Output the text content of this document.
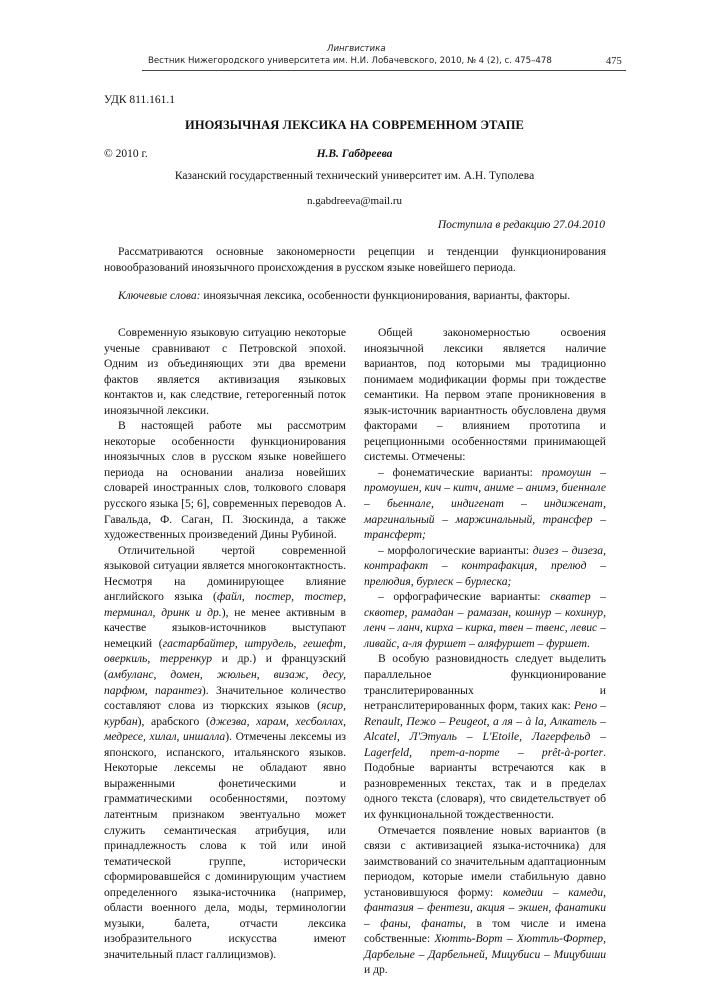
Лингвистика
Вестник Нижегородского университета им. Н.И. Лобачевского, 2010, № 4 (2), с. 475–478	475
УДК 811.161.1
ИНОЯЗЫЧНАЯ ЛЕКСИКА НА СОВРЕМЕННОМ ЭТАПЕ
© 2010 г.	Н.В. Габдреева
Казанский государственный технический университет им. А.Н. Туполева
n.gabdreeva@mail.ru
Поступила в редакцию 27.04.2010

Рассматриваются основные закономерности рецепции и тенденции функционирования новообразований иноязычного происхождения в русском языке новейшего периода.

Ключевые слова: иноязычная лексика, особенности функционирования, варианты, факторы.

Современную языковую ситуацию некоторые ученые сравнивают с Петровской эпохой. Одним из объединяющих эти два времени фактов является активизация языковых контактов и, как следствие, гетерогенный поток иноязычной лексики.

В настоящей работе мы рассмотрим некоторые особенности функционирования иноязычных слов в русском языке новейшего периода на основании анализа новейших словарей иностранных слов, толкового словаря русского языка [5; 6], современных переводов А. Гавальда, Ф. Саган, П. Зюскинда, а также художественных произведений Дины Рубиной.

Отличительной чертой современной языковой ситуации является многоконтактность. Несмотря на доминирующее влияние английского языка (файл, постер, тостер, терминал, дринк и др.), не менее активным в качестве языков-источников выступают немецкий (гастарбайтер, штрудель, гешефт, оверкиль, терренкур и др.) и французский (амбуланс, домен, жюльен, визаж, десу, парфюм, парантез). Значительное количество составляют слова из тюркских языков (ясир, курбан), арабского (джезва, харам, хесболлах, медресе, хилал, иншалла). Отмечены лексемы из японского, испанского, итальянского языков. Некоторые лексемы не обладают явно выраженными фонетическими и грамматическими особенностями, поэтому латентным признаком эвентуально может служить семантическая атрибуция, или принадлежность слова к той или иной тематической группе, исторически сформировавшейся с доминирующим участием определенного языка-источника (например, области военного дела, моды, терминологии музыки, балета, отчасти лексика изобразительного искусства имеют значительный пласт галлицизмов).

Общей закономерностью освоения иноязычной лексики является наличие вариантов, под которыми мы традиционно понимаем модификации формы при тождестве семантики. На первом этапе проникновения в язык-источник вариантность обусловлена двумя факторами – влиянием прототипа и рецепционными особенностями принимающей системы. Отмечены:

– фонематические варианты: промоушн – промоушен, кич – китч, аниме – анимэ, биеннале – бьеннале, индигенат – индиженат, маргинальный – маржинальный, трансфер – трансферт;

– морфологические варианты: дизез – дизеза, контрафакт – контрафакция, прелюд – прелюдия, бурлеск – бурлеска;

– орфографические варианты: скватер – сквотер, рамадан – рамазан, кошнур – кохинур, ленч – ланч, кирха – кирка, твен – твенс, левис – ливайс, а-ля фуршет – аляфуршет – фуршет.

В особую разновидность следует выделить параллельное функционирование транслитерированных и нетранслитерированных форм, таких как: Рено – Renault, Пежо – Peugeot, а ля – à la, Алкатель – Alcatel, Л'Этуаль – L'Etoile, Лагерфельд – Lagerfeld, прет-а-порте – prêt-à-porter. Подобные варианты встречаются как в разновременных текстах, так и в пределах одного текста (словаря), что свидетельствует об их функциональной тождественности.

Отмечается появление новых вариантов (в связи с активизацией языка-источника) для заимствований со значительным адаптационным периодом, которые имели стабильную давно установившуюся форму: комедии – камеди, фантазия – фентези, акция – экшен, фанатики – фаны, фанаты, в том числе и имена собственные: Хютть-Ворт – Хюттль-Фортер, Дарбельне – Дарбельней, Мицубиси – Мицубиши и др.
